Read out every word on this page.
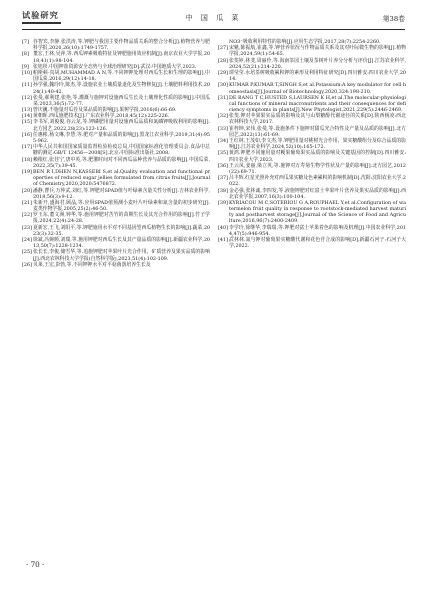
试验研究	中 国 瓜 菜	第38卷
[7] 谷智宾,李静,张洪涛,等.钾肥与我国主要作物品质关系的整合分析[J].植物营养与肥料学报,2020,26(10):1749-1757.
[8] 董宏,王林,吴萍,等.西瓜钾素吸收特征及钾肥施用效应机制[J].南京农业大学学报,2018,41(1):98-104.
[9] 张旭彤.中国钾盐资源安全态势与全球治理研究[D].武汉:中国地质大学,2023.
[10] 帕斯顿·真胡,MUHAMMAD A N,等.不同钾钾处理对西瓜生长和生理的影响[J].中国瓜菜,2016,29(12):14-18.
[11] 孙学强,魏玲玲,陈杰,等.设施农业土壤质量退化及生物修复[J].土壤肥料利用技术,2024(1):40-42.
[12] 张曼,郝利建,张艳,等.灌溉与施钾对设施西瓜生长及土壤理化性质的影响[J].中国瓜菜,2023,36(5):72-77.
[13] 曾庆巍.不施量对瓜茬及菜品质的影响[J].果树学报,2016(6):66-69.
[14] 黄朝晖.西瓜施肥技术[J].广东农业科学,2018,45(12):225-226.
[15] 李书军,刘俊俊,谷云龙,等.钾磷肥用量对设施西瓜品质和氮磷钾吸收利用的影响[J].北方园艺,2022,28(23):123-126.
[16] 任惠彬,杨文琳,李慧,等.肥对产量和品质的影响[J].黑龙江农业科学,2019,31(4):955-962.
[17] 中华人民共和国国家质量监督检验检疫总局,中国国家标准化管理委员会.食品中总糖的测定:GB/T 12456—2008[S].北京:中国标准出版社,2008.
[18] 赖根红,张佳宁,唐中英,等.肥灌时间对不同西瓜品种营养与品质的影响[J].中国瓜菜,2022,35(7):39-45.
[19] BEN R I,DHEN N,KASSEBI S,et al.Quality evaluation and functional properties of reduced sugar jellies formulated from citrus fruits[J].Journal of Chemistry,2020,2020:5476872.
[20] 潘静,曹兵,万仲武,刘红,等.钾肥对SPAD值与叶绿素含量关性分析[J].吉林农业科学,2018,56(3):9-12.
[21] 朱新开,盛海君,顾晶,等.应用SPAD值预测小麦叶片叶绿素和氮含量的初步研究[J].麦类作物学报,2005,25(2):46-50.
[22] 罗玉东,董文洲,钟华,等.施用钾肥对苦竹的苗期生长及其光合作用的影响[J].竹子学报,2024,22(4):24-28.
[23] 夏新宏,王飞,刘阳平,等.钾肥施用水平对不同基因型西瓜植物生长的影响[J].蔬菜,2023(3):32-35.
[24] 徐斌,冯婉颜,刘瑞,等.施用钾肥对西瓜生长及其产量品质的影响[J].新疆农业科学,2013,50(7):1228-1234.
[25] 张长长,李俊,储雪华,等.追施钾肥对苹果叶片光合作用、矿质营养及果实品质的影响[J].西北农林科技大学学报(自然科学版),2023,51(4):102-109.
[26] 贝莱,王宏,彭勃,等.不同钾钾水平对平菇菌落培养生长及
NO3⁻吸收利用特性的影响[J].应用生态学报,2017,28(7):2254-2260.
[27] 宋魁,陈振航,崔鑫,等.钾营养状况与作物品质关系及其对叶际微生物的影响[J].植物学报,2024,59(1):54-65.
[28] 张斐婷,林斐,周丽伶,等.海南茶园土壤及茶树叶片养分分析与评价[J].江苏农业科学,2024,52(21):214-220.
[29] 谭莹莹.水培茶树吸收累积钾的素形及利用特征研究[D].四川雅安:四川农业大学,2014.
[30] KUMAR P,KUMAR T,SINGH S,et al.Potassium:A key modulator for cell homeostasis[J].Journal of Biotechnology,2020,324:198-210.
[31] DE BANG T C,HUSTED S,LAURSEN K H,et al.The molecular-physiological functions of mineral macronutrients and their consequences for deficiency symptoms in plants[J].New Phytologist,2021,229(5):2446-2469.
[32] 张斐.钾对苹果果实品质的影响及其与山梨糖醇代谢途径的关系[D].陕西杨凌:西北农林科技大学,2017.
[33] 崔梓坤,宋伟,张曼,等.设施条件下施钾对甜瓜光合特性及产量及品质的影响[J].北方园艺,2022(13):61-69.
[34] 王红林,王茂如,李文杰,等.钾肥用量对桃树光合作用、果实糖酸组分及综合品质的影响[J].江苏农业科学,2024,52(10):165-172.
[35] 黄鸿.钾肥不同施用量对粳果葡萄果实品质的影响及关键基因的控制[D].四川雅安:四川农业大学,2023.
[36] 王云凤,姜丽,梁立英,等.施钾对万寿菊生物学性状及产量的影响[J].北方园艺,2012(22):69-71.
[37] 吕丰辉.红星光照补充对西瓜果实糖及色素累积的影响机制[D].沈阳:沈阳农业大学,2022.
[38] 金必强,张林诚,李四发,等.液施钾肥对红富士苹果叶片营养及果实品质的影响[J].西北农业学报,2007,16(3):100-104.
[39] KYRIACOU M C,SOTERIOU G A,ROUPHAEL Y,et al.Configuration of watermelon fruit quality in response to rootstock-mediated harvest maturity and postharvest storage[J].Journal of the Science of Food and Agriculture,2016,96(7):2400-2409.
[40] 李学玲,徐继华,李瑞瑞,等.钾肥对富士苹果着色的影响及机理[J].中国农业科学,2014,47(5):946-954.
[41] 武林林.氮与钾对葡萄果实糖酸代谢和花色苷合成的影响[D].新疆石河子:石河子大学,2022.
· 70 ·
